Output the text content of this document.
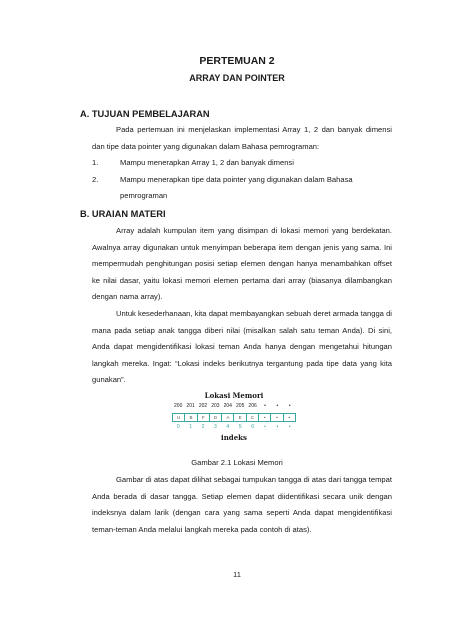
PERTEMUAN 2
ARRAY DAN POINTER
A. TUJUAN PEMBELAJARAN
Pada pertemuan ini menjelaskan implementasi Array 1, 2 dan banyak dimensi dan tipe data pointer yang digunakan dalam Bahasa pemrograman:
1.	Mampu menerapkan Array 1, 2 dan banyak dimensi
2.	Mampu menerapkan tipe data pointer yang digunakan dalam Bahasa pemrograman
B. URAIAN MATERI
Array adalah kumpulan item yang disimpan di lokasi memori yang berdekatan. Awalnya array digunakan untuk menyimpan beberapa item dengan jenis yang sama. Ini mempermudah penghitungan posisi setiap elemen dengan hanya menambahkan offset ke nilai dasar, yaitu lokasi memori elemen pertama dari array (biasanya dilambangkan dengan nama array).
Untuk kesederhanaan, kita dapat membayangkan sebuah deret armada tangga di mana pada setiap anak tangga diberi nilai (misalkan salah satu teman Anda). Di sini, Anda dapat mengidentifikasi lokasi teman Anda hanya dengan mengetahui hitungan langkah mereka. Ingat: “Lokasi indeks berikutnya tergantung pada tipe data yang kita gunakan”.
Lokasi Memori
200 201 202 203 204 205 206	•	•	•
U	B	F	D	A	E	C	•	•	•
0	1	2	3	4	5	6	•	•	•
indeks
Gambar 2.1 Lokasi Memori
Gambar di atas dapat dilihat sebagai tumpukan tangga di atas dari tangga tempat Anda berada di dasar tangga. Setiap elemen dapat diidentifikasi secara unik dengan indeksnya dalam larik (dengan cara yang sama seperti Anda dapat mengidentifikasi teman-teman Anda melalui langkah mereka pada contoh di atas).
11
